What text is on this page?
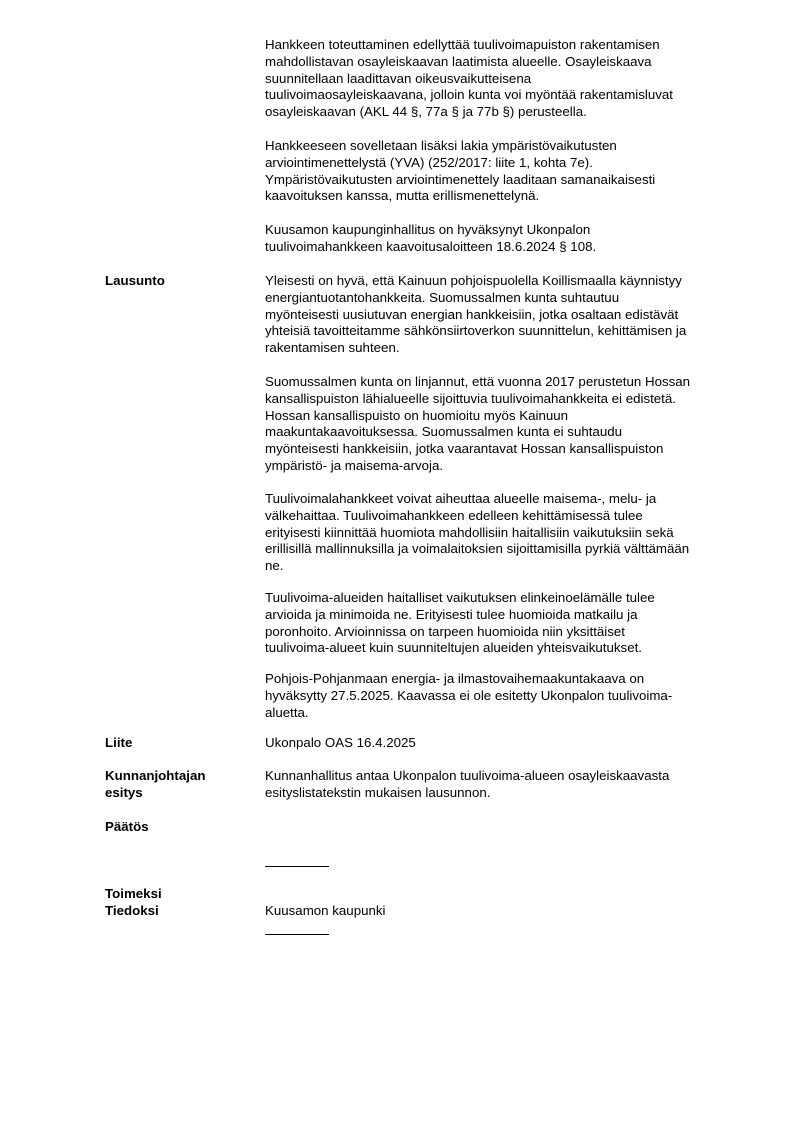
Hankkeen toteuttaminen edellyttää tuulivoimapuiston rakentamisen
mahdollistavan osayleiskaavan laatimista alueelle. Osayleiskaava
suunnitellaan laadittavan oikeusvaikutteisena
tuulivoimaosayleiskaavana, jolloin kunta voi myöntää rakentamisluvat
osayleiskaavan (AKL 44 §, 77a § ja 77b §) perusteella.

Hankkeeseen sovelletaan lisäksi lakia ympäristövaikutusten
arviointimenettelystä (YVA) (252/2017: liite 1, kohta 7e).
Ympäristövaikutusten arviointimenettely laaditaan samanaikaisesti
kaavoituksen kanssa, mutta erillismenettelynä.

Kuusamon kaupunginhallitus on hyväksynyt Ukonpalon
tuulivoimahankkeen kaavoitusaloitteen 18.6.2024 § 108.

Lausunto	Yleisesti on hyvä, että Kainuun pohjoispuolella Koillismaalla käynnistyy
energiantuotantohankkeita. Suomussalmen kunta suhtautuu
myönteisesti uusiutuvan energian hankkeisiin, jotka osaltaan edistävät
yhteisiä tavoitteitamme sähkönsiirtoverkon suunnittelun, kehittämisen ja
rakentamisen suhteen.

Suomussalmen kunta on linjannut, että vuonna 2017 perustetun Hossan
kansallispuiston lähialueelle sijoittuvia tuulivoimahankkeita ei edistetä.
Hossan kansallispuisto on huomioitu myös Kainuun
maakuntakaavoituksessa. Suomussalmen kunta ei suhtaudu
myönteisesti hankkeisiin, jotka vaarantavat Hossan kansallispuiston
ympäristö- ja maisema-arvoja.

Tuulivoimalahankkeet voivat aiheuttaa alueelle maisema-, melu- ja
välkehaittaa. Tuulivoimahankkeen edelleen kehittämisessä tulee
erityisesti kiinnittää huomiota mahdollisiin haitallisiin vaikutuksiin sekä
erillisillä mallinnuksilla ja voimalaitoksien sijoittamisilla pyrkiä välttämään
ne.

Tuulivoima-alueiden haitalliset vaikutuksen elinkeinoelämälle tulee
arvioida ja minimoida ne. Erityisesti tulee huomioida matkailu ja
poronhoito. Arvioinnissa on tarpeen huomioida niin yksittäiset
tuulivoima-alueet kuin suunniteltujen alueiden yhteisvaikutukset.

Pohjois-Pohjanmaan energia- ja ilmastovaihemaakuntakaava on
hyväksytty 27.5.2025. Kaavassa ei ole esitetty Ukonpalon tuulivoima-
aluetta.

Liite	Ukonpalo OAS 16.4.2025

Kunnanjohtajan
esitys

Kunnanhallitus antaa Ukonpalon tuulivoima-alueen osayleiskaavasta
esityslistatekstin mukaisen lausunnon.

Päätös
Toimeksi
Tiedoksi	Kuusamon kaupunki
